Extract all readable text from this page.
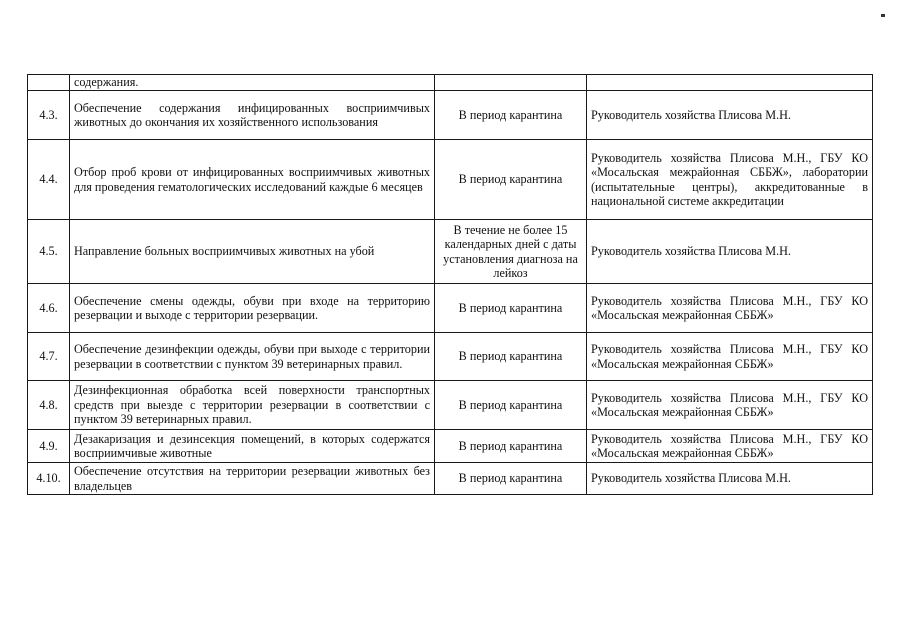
	содержания.		
4.3.	Обеспечение содержания инфицированных восприимчивых животных до окончания их хозяйственного использования	В период карантина	Руководитель хозяйства Плисова М.Н.
4.4.	Отбор проб крови от инфицированных восприимчивых животных для проведения гематологических исследований каждые 6 месяцев	В период карантина	Руководитель хозяйства Плисова М.Н., ГБУ КО «Мосальская межрайонная СББЖ», лаборатории (испытательные центры), аккредитованные в национальной системе аккредитации
4.5.	Направление больных восприимчивых животных на убой	В течение не более 15 календарных дней с даты установления диагноза на лейкоз	Руководитель хозяйства Плисова М.Н.
4.6.	Обеспечение смены одежды, обуви при входе на территорию резервации и выходе с территории резервации.	В период карантина	Руководитель хозяйства Плисова М.Н., ГБУ КО «Мосальская межрайонная СББЖ»
4.7.	Обеспечение дезинфекции одежды, обуви при выходе с территории резервации в соответствии с пунктом 39 ветеринарных правил.	В период карантина	Руководитель хозяйства Плисова М.Н., ГБУ КО «Мосальская межрайонная СББЖ»
4.8.	Дезинфекционная обработка всей поверхности транспортных средств при выезде с территории резервации в соответствии с пунктом 39 ветеринарных правил.	В период карантина	Руководитель хозяйства Плисова М.Н., ГБУ КО «Мосальская межрайонная СББЖ»
4.9.	Дезакаризация и дезинсекция помещений, в которых содержатся восприимчивые животные	В период карантина	Руководитель хозяйства Плисова М.Н., ГБУ КО «Мосальская межрайонная СББЖ»
4.10.	Обеспечение отсутствия на территории резервации животных без владельцев	В период карантина	Руководитель хозяйства Плисова М.Н.
